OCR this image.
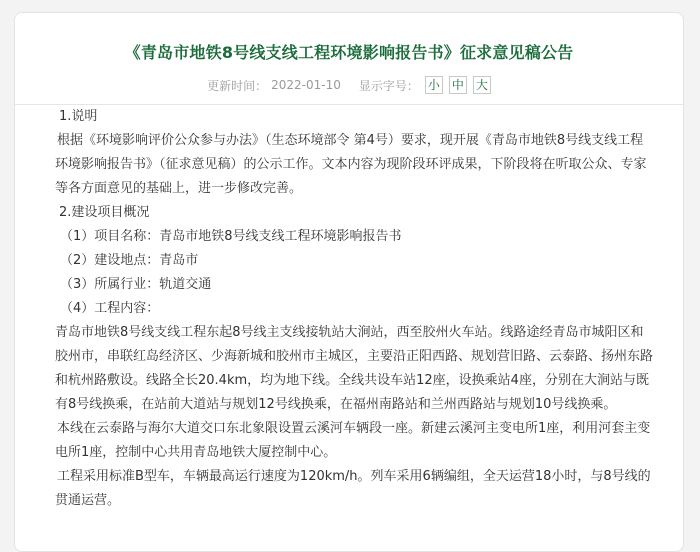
《青岛市地铁8号线支线工程环境影响报告书》征求意见稿公告
更新时间： 2022-01-10 显示字号： 小 中 大

1.说明

根据《环境影响评价公众参与办法》（生态环境部令 第4号）要求，现开展《青岛市地铁8号线支线工程环境影响报告书》（征求意见稿）的公示工作。文本内容为现阶段环评成果，下阶段将在听取公众、专家等各方面意见的基础上，进一步修改完善。

2.建设项目概况

（1）项目名称：青岛市地铁8号线支线工程环境影响报告书

（2）建设地点：青岛市

（3）所属行业：轨道交通

（4）工程内容：

青岛市地铁8号线支线工程东起8号线主支线接轨站大涧站，西至胶州火车站。线路途经青岛市城阳区和胶州市，串联红岛经济区、少海新城和胶州市主城区，主要沿正阳西路、规划营旧路、云泰路、扬州东路和杭州路敷设。线路全长20.4km，均为地下线。全线共设车站12座，设换乘站4座，分别在大涧站与既有8号线换乘，在站前大道站与规划12号线换乘，在福州南路站和兰州西路站与规划10号线换乘。

本线在云泰路与海尔大道交口东北象限设置云溪河车辆段一座。新建云溪河主变电所1座，利用河套主变电所1座，控制中心共用青岛地铁大厦控制中心。

工程采用标准B型车，车辆最高运行速度为120km/h。列车采用6辆编组，全天运营18小时，与8号线的贯通运营。
